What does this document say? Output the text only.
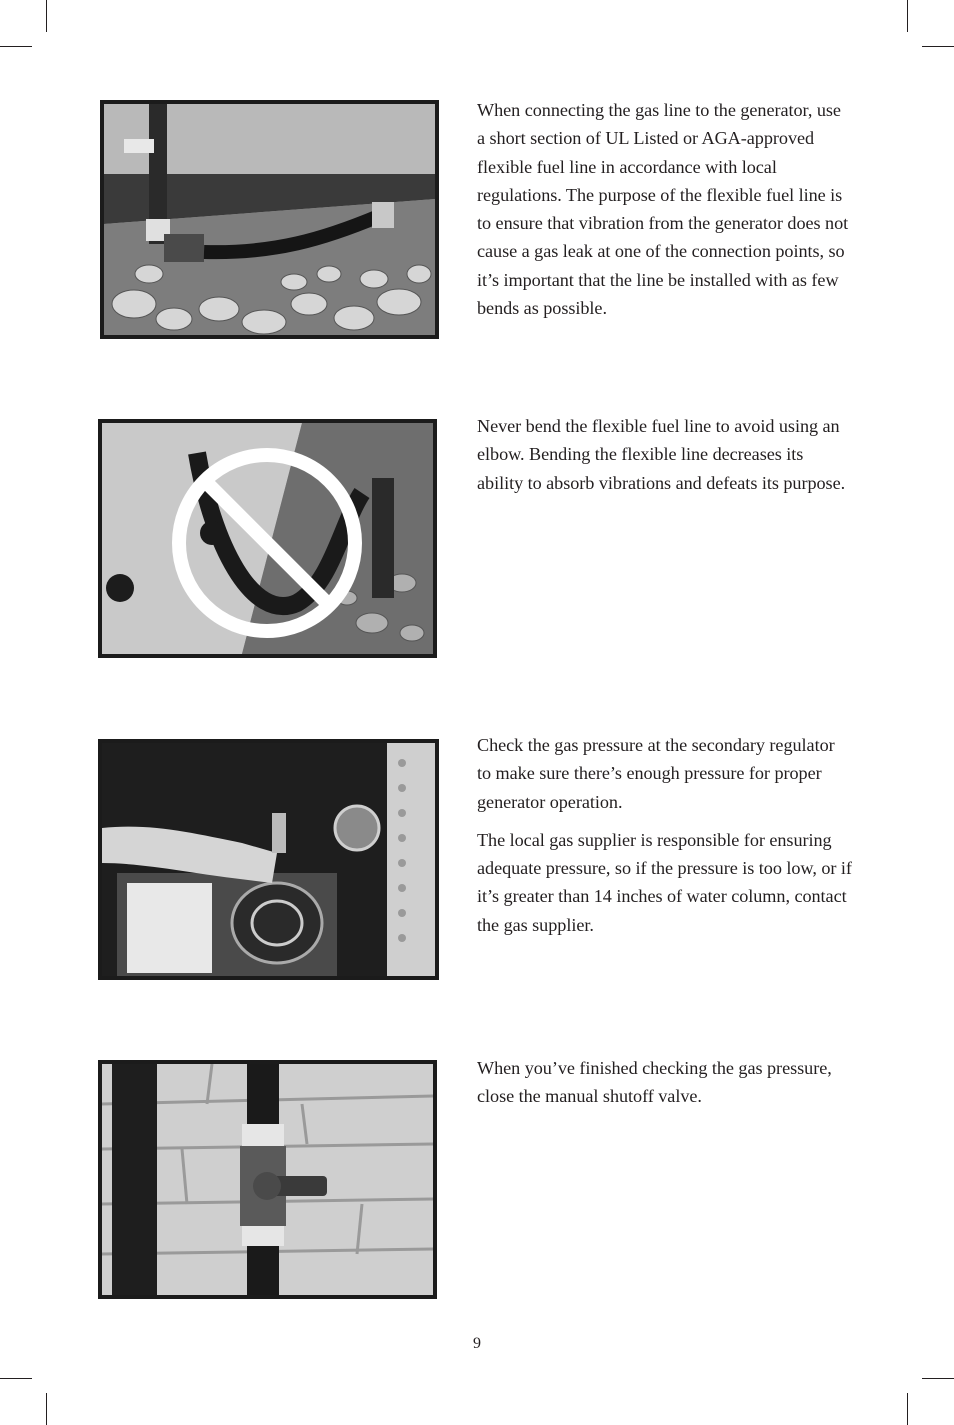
When connecting the gas line to the generator, use a short section of UL Listed or AGA-approved flexible fuel line in accordance with local regulations. The purpose of the flexible fuel line is to ensure that vibration from the generator does not cause a gas leak at one of the connection points, so it’s important that the line be installed with as few bends as possible.

Never bend the flexible fuel line to avoid using an elbow. Bending the flexible line decreases its ability to absorb vibrations and defeats its purpose.

Check the gas pressure at the secondary regulator to make sure there’s enough pressure for proper generator operation.

The local gas supplier is responsible for ensuring adequate pressure, so if the pressure is too low, or if it’s greater than 14 inches of water column, contact the gas supplier.

When you’ve finished checking the gas pressure, close the manual shutoff valve.

9
